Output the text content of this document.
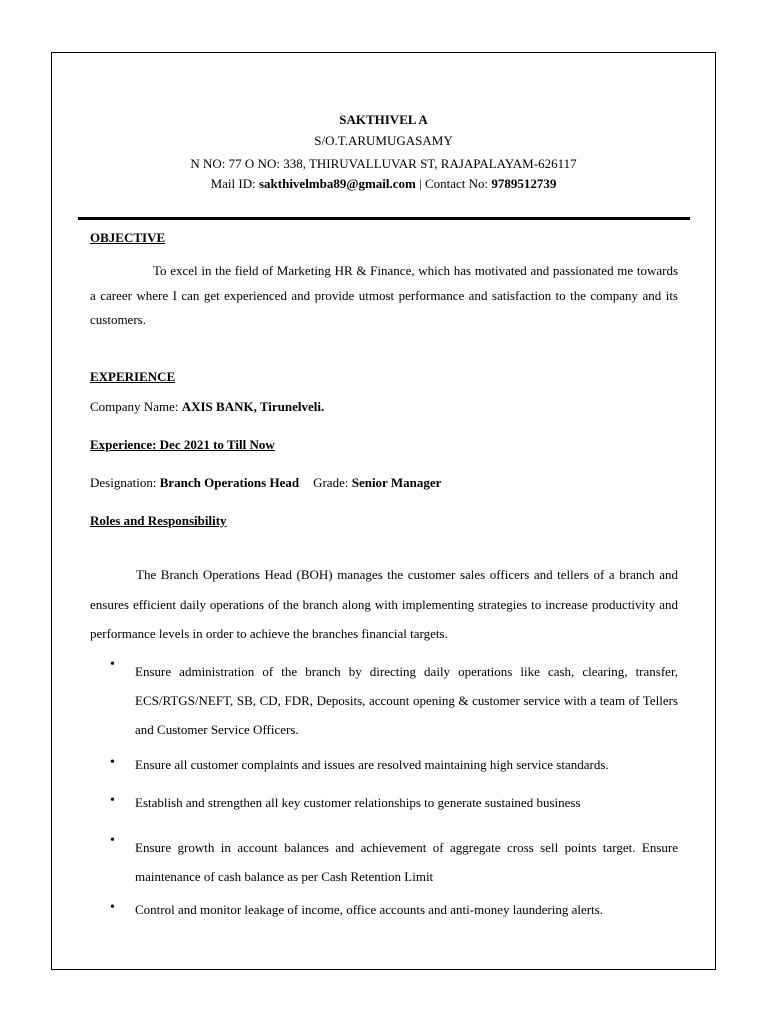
SAKTHIVEL A
S/O.T.ARUMUGASAMY
N NO: 77 O NO: 338, THIRUVALLUVAR ST, RAJAPALAYAM-626117
Mail ID: sakthivelmba89@gmail.com | Contact No: 9789512739
OBJECTIVE
To excel in the field of Marketing HR & Finance, which has motivated and passionated me towards a career where I can get experienced and provide utmost performance and satisfaction to the company and its customers.
EXPERIENCE
Company Name: AXIS BANK, Tirunelveli.
Experience: Dec 2021 to Till Now
Designation: Branch Operations Head Grade: Senior Manager
Roles and Responsibility
The Branch Operations Head (BOH) manages the customer sales officers and tellers of a branch and ensures efficient daily operations of the branch along with implementing strategies to increase productivity and performance levels in order to achieve the branches financial targets.
• Ensure administration of the branch by directing daily operations like cash, clearing, transfer, ECS/RTGS/NEFT, SB, CD, FDR, Deposits, account opening & customer service with a team of Tellers and Customer Service Officers.
• Ensure all customer complaints and issues are resolved maintaining high service standards.
• Establish and strengthen all key customer relationships to generate sustained business
• Ensure growth in account balances and achievement of aggregate cross sell points target. Ensure maintenance of cash balance as per Cash Retention Limit
• Control and monitor leakage of income, office accounts and anti-money laundering alerts.
